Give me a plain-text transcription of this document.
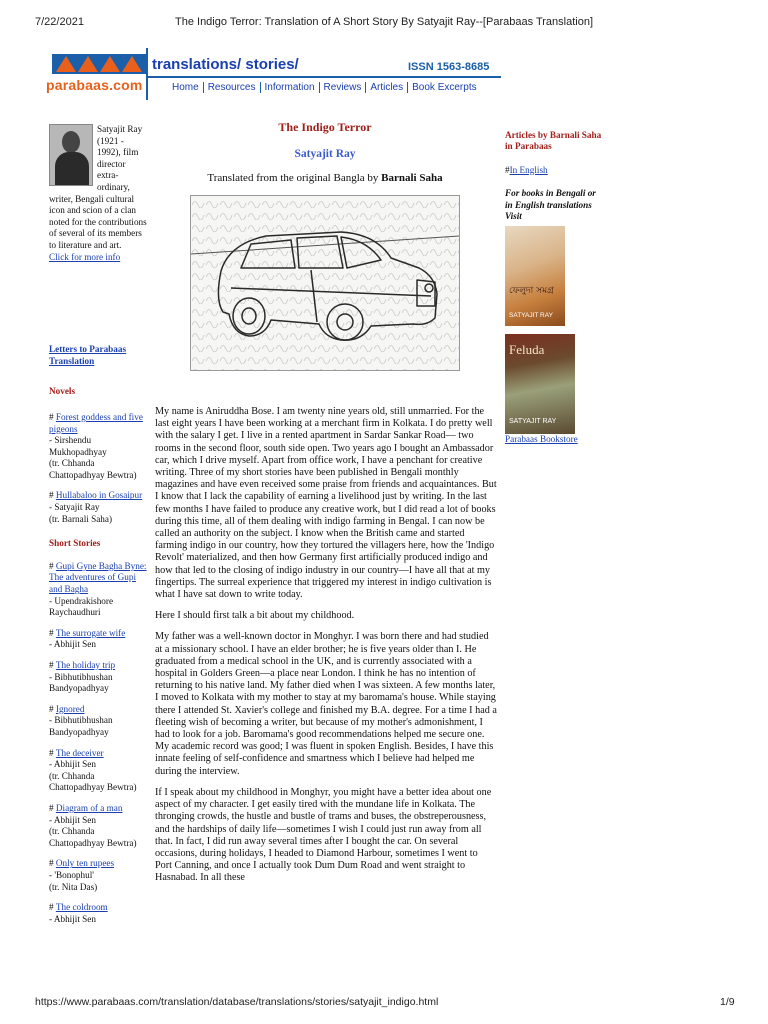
7/22/2021	The Indigo Terror: Translation of A Short Story By Satyajit Ray--[Parabaas Translation]
parabaas.com
translations/ stories/	ISSN 1563-8685
Home Resources Information Reviews Articles Book Excerpts
Satyajit Ray (1921 - 1992), film director extra-ordinary, writer, Bengali cultural icon and scion of a clan noted for the contributions of several of its members to literature and art.
Click for more info
Letters to Parabaas Translation
Novels
# Forest goddess and five pigeons
- Sirshendu Mukhopadhyay
(tr. Chhanda Chattopadhyay Bewtra)
# Hullabaloo in Gosaipur
- Satyajit Ray
(tr. Barnali Saha)
Short Stories
# Gupi Gyne Bagha Byne: The adventures of Gupi and Bagha
- Upendrakishore Raychaudhuri
# The surrogate wife
- Abhijit Sen
# The holiday trip
- Bibhutibhushan Bandyopadhyay
# Ignored
- Bibhutibhushan Bandyopadhyay
# The deceiver
- Abhijit Sen
(tr. Chhanda Chattopadhyay Bewtra)
# Diagram of a man
- Abhijit Sen
(tr. Chhanda Chattopadhyay Bewtra)
# Only ten rupees
- 'Bonophul'
(tr. Nita Das)
# The coldroom
- Abhijit Sen
The Indigo Terror
Satyajit Ray
Translated from the original Bangla by Barnali Saha

My name is Aniruddha Bose. I am twenty nine years old, still unmarried. For the last eight years I have been working at a merchant firm in Kolkata. I do pretty well with the salary I get. I live in a rented apartment in Sardar Sankar Road— two rooms in the second floor, south side open. Two years ago I bought an Ambassador car, which I drive myself. Apart from office work, I have a penchant for creative writing. Three of my short stories have been published in Bengali monthly magazines and have even received some praise from friends and acquaintances. But I know that I lack the capability of earning a livelihood just by writing. In the last few months I have failed to produce any creative work, but I did read a lot of books during this time, all of them dealing with indigo farming in Bengal. I can now be called an authority on the subject. I know when the British came and started farming indigo in our country, how they tortured the villagers here, how the 'Indigo Revolt' materialized, and then how Germany first artificially produced indigo and how that led to the closing of indigo industry in our country—I have all that at my fingertips. The surreal experience that triggered my interest in indigo cultivation is what I have sat down to write today.

Here I should first talk a bit about my childhood.

My father was a well-known doctor in Monghyr. I was born there and had studied at a missionary school. I have an elder brother; he is five years older than I. He graduated from a medical school in the UK, and is currently associated with a hospital in Golders Green—a place near London. I think he has no intention of returning to his native land. My father died when I was sixteen. A few months later, I moved to Kolkata with my mother to stay at my baromama's house. While staying there I attended St. Xavier's college and finished my B.A. degree. For a time I had a fleeting wish of becoming a writer, but because of my mother's admonishment, I had to look for a job. Baromama's good recommendations helped me secure one. My academic record was good; I was fluent in spoken English. Besides, I have this innate feeling of self-confidence and smartness which I believe had helped me during the interview.

If I speak about my childhood in Monghyr, you might have a better idea about one aspect of my character. I get easily tired with the mundane life in Kolkata. The thronging crowds, the hustle and bustle of trams and buses, the obstreperousness, and the hardships of daily life—sometimes I wish I could just run away from all that. In fact, I did run away several times after I bought the car. On several occasions, during holidays, I headed to Diamond Harbour, sometimes I went to Port Canning, and once I actually took Dum Dum Road and went straight to Hasnabad. In all these

Articles by Barnali Saha in Parabaas
#In English
For books in Bengali or in English translations Visit
ফেলুদা সমগ্র
SATYAJIT RAY
Feluda
SATYAJIT RAY
Parabaas Bookstore
https://www.parabaas.com/translation/database/translations/stories/satyajit_indigo.html	1/9
